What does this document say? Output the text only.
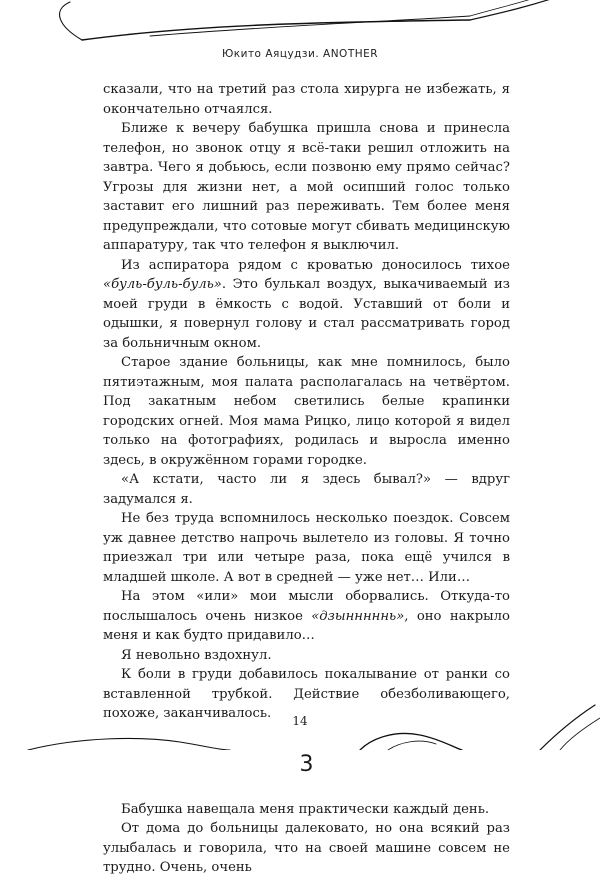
Юкито Аяцудзи. ANOTHER

сказали, что на третий раз стола хирурга не избежать, я окончательно отчаялся.

Ближе к вечеру бабушка пришла снова и принесла телефон, но звонок отцу я всё-таки решил отложить на завтра. Чего я добьюсь, если позвоню ему прямо сейчас? Угрозы для жизни нет, а мой осипший голос только заставит его лишний раз переживать. Тем более меня предупреждали, что сотовые могут сбивать медицинскую аппаратуру, так что телефон я выключил.

Из аспиратора рядом с кроватью доносилось тихое «буль-буль-буль». Это булькал воздух, выкачиваемый из моей груди в ёмкость с водой. Уставший от боли и одышки, я повернул голову и стал рассматривать город за больничным окном.

Старое здание больницы, как мне помнилось, было пятиэтажным, моя палата располагалась на четвёртом. Под закатным небом светились белые крапинки городских огней. Моя мама Рицко, лицо которой я видел только на фотографиях, родилась и выросла именно здесь, в окружённом горами городке.

«А кстати, часто ли я здесь бывал?» — вдруг задумался я.

Не без труда вспомнилось несколько поездок. Совсем уж давнее детство напрочь вылетело из головы. Я точно приезжал три или четыре раза, пока ещё учился в младшей школе. А вот в средней — уже нет… Или…

На этом «или» мои мысли оборвались. Откуда-то послышалось очень низкое «дзынннннь», оно накрыло меня и как будто придавило…

Я невольно вздохнул.

К боли в груди добавилось покалывание от ранки со вставленной трубкой. Действие обезболивающего, похоже, заканчивалось.

3

Бабушка навещала меня практически каждый день.

От дома до больницы далековато, но она всякий раз улыбалась и говорила, что на своей машине совсем не трудно. Очень, очень

14
